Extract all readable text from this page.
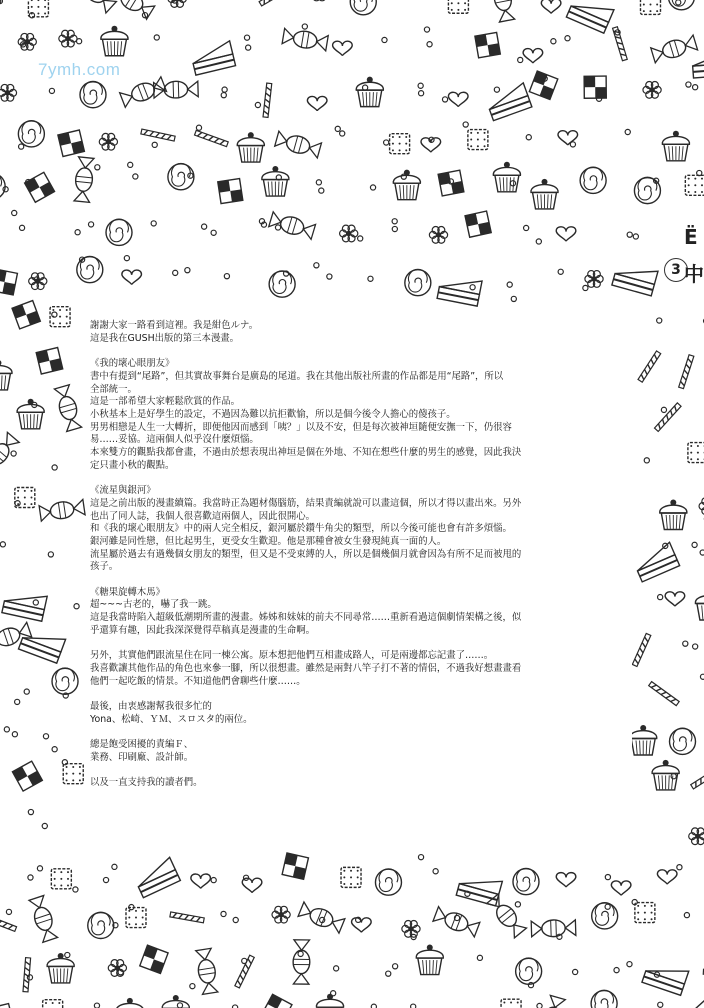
7ymh.com
Ё
3 中

謝謝大家一路看到這裡。我是紺色ルナ。

這是我在GUSH出版的第三本漫畫。

《我的壞心眼朋友》

書中有提到“尾路”，但其實故事舞台是廣島的尾道。我在其他出版社所畫的作品都是用“尾路”，所以

全部統一。

這是一部希望大家輕鬆欣賞的作品。

小秋基本上是好學生的設定，不過因為難以抗拒歡愉，所以是個今後令人擔心的傻孩子。

男男相戀是人生一大轉折，即便他因而感到「咦？」以及不安，但是每次被神垣隨便安撫一下，仍很容

易……妥協。這兩個人似乎沒什麼煩惱。

本來雙方的觀點我都會畫，不過由於想表現出神垣是個在外地、不知在想些什麼的男生的感覺，因此我決

定只畫小秋的觀點。

《流星與銀河》

這是之前出版的漫畫續篇。我當時正為題材傷腦筋，結果責編就說可以畫這個，所以才得以畫出來。另外

也出了同人誌，我個人很喜歡這兩個人，因此很開心。

和《我的壞心眼朋友》中的兩人完全相反，銀河屬於鑽牛角尖的類型，所以今後可能也會有許多煩惱。

銀河雖是同性戀，但比起男生，更受女生歡迎。他是那種會被女生發現純真一面的人。

流星屬於過去有過幾個女朋友的類型，但又是不受束縛的人，所以是個幾個月就會因為有所不足而被甩的

孩子。

《糖果旋轉木馬》

超~~~古老的，嚇了我一跳。

這是我當時陷入超級低潮期所畫的漫畫。姊姊和妹妹的前夫不同尋常……重新看過這個劇情架構之後，似

乎還算有趣，因此我深深覺得草稿真是漫畫的生命啊。

另外，其實他們跟流星住在同一棟公寓。原本想把他們互相畫成路人，可是兩邊都忘記畫了……。

我喜歡讓其他作品的角色也來參一腳，所以很想畫。雖然是兩對八竿子打不著的情侶，不過我好想畫畫看

他們一起吃飯的情景。不知道他們會聊些什麼……。

最後，由衷感謝幫我很多忙的

Yona、松崎、ＹＭ、スロスタ的兩位。

總是飽受困擾的責編Ｆ、

業務、印刷廠、設計師。

以及一直支持我的讀者們。
